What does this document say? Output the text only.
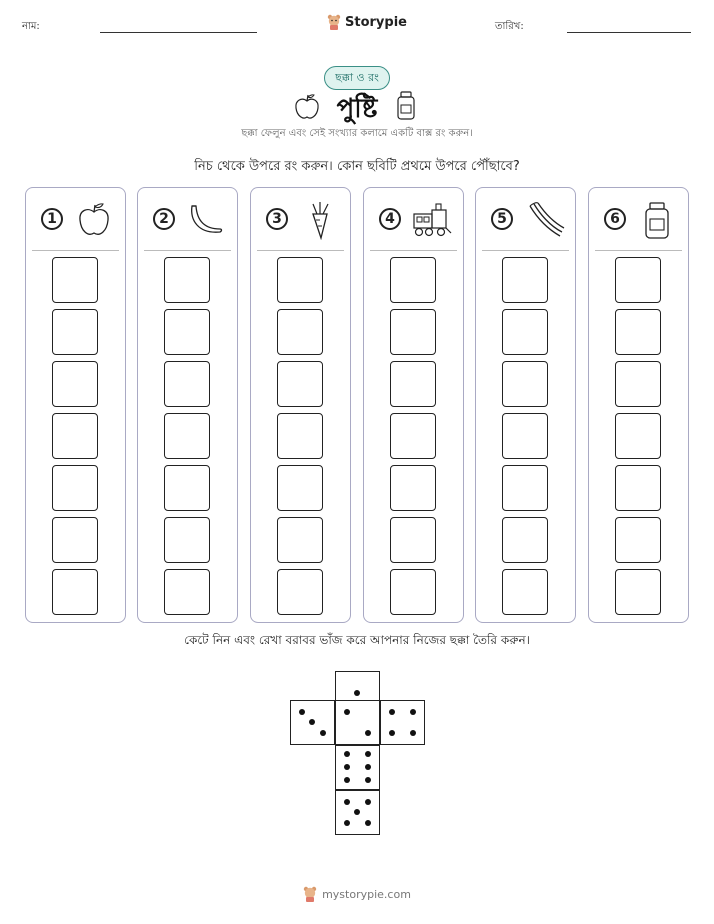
নাম:	Storypie	তারিখ:
ছক্কা ও রং
পুষ্টি
ছক্কা ফেলুন এবং সেই সংখ্যার কলামে একটি বাক্স রং করুন।
নিচ থেকে উপরে রং করুন। কোন ছবিটি প্রথমে উপরে পৌঁছাবে?
1	2	3	4	5	6
কেটে নিন এবং রেখা বরাবর ভাঁজ করে আপনার নিজের ছক্কা তৈরি করুন।
mystorypie.com
